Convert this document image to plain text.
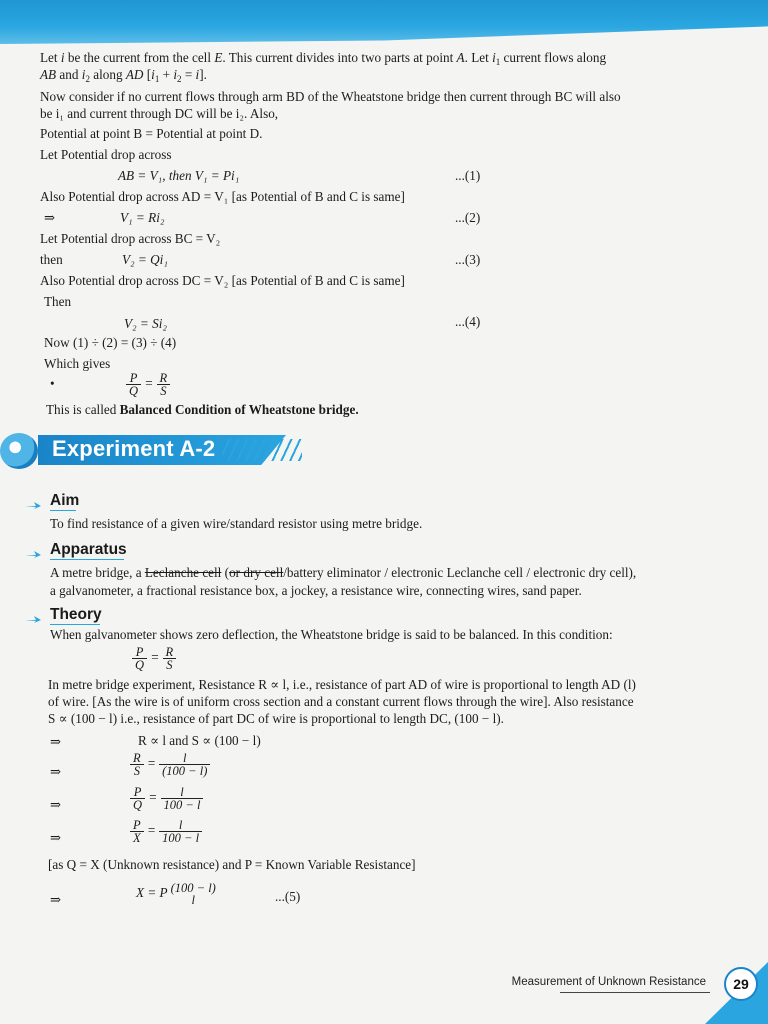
Let i be the current from the cell E. This current divides into two parts at point A. Let $i_1$ current flows along
AB and $i_2$ along AD $[i_1 + i_2 = i]$.
Now consider if no current flows through arm BD of the Wheatstone bridge then current through BC will also
be i₁ and current through DC will be i₂. Also,
Potential at point B = Potential at point D.
Let Potential drop across
AB = V₁, then V₁ = Pi₁	...(1)
Also Potential drop across AD = V₁ [as Potential of B and C is same]
⇒	V₁ = Ri₂	...(2)
Let Potential drop across BC = V₂
then	V₂ = Qi₁	...(3)
Also Potential drop across DC = V₂ [as Potential of B and C is same]
Then
V₂ = Si₂	...(4)
Now (1) ÷ (2) = (3) ÷ (4)
Which gives
•	$\frac{P}{Q} = \frac{R}{S}$
This is called Balanced Condition of Wheatstone bridge.
Experiment A-2
Aim
To find resistance of a given wire/standard resistor using metre bridge.
Apparatus
A metre bridge, a Leclanche cell (or dry cell/battery eliminator / electronic Leclanche cell / electronic dry cell),
a galvanometer, a fractional resistance box, a jockey, a resistance wire, connecting wires, sand paper.
Theory
When galvanometer shows zero deflection, the Wheatstone bridge is said to be balanced. In this condition:
$\frac{P}{Q} = \frac{R}{S}$
In metre bridge experiment, Resistance R ∝ l, i.e., resistance of part AD of wire is proportional to length AD (l)
of wire. [As the wire is of uniform cross section and a constant current flows through the wire]. Also resistance
S ∝ (100 − l) i.e., resistance of part DC of wire is proportional to length DC, (100 − l).
⇒	R ∝ l and S ∝ (100 − l)
⇒	$\frac{R}{S} = \frac{l}{(100 - l)}$
⇒	$\frac{P}{Q} = \frac{l}{100 - l}$
⇒	$\frac{P}{X} = \frac{l}{100 - l}$
[as Q = X (Unknown resistance) and P = Known Variable Resistance]
⇒	X = P (100 − l)
l	...(5)
Measurement of Unknown Resistance	29
